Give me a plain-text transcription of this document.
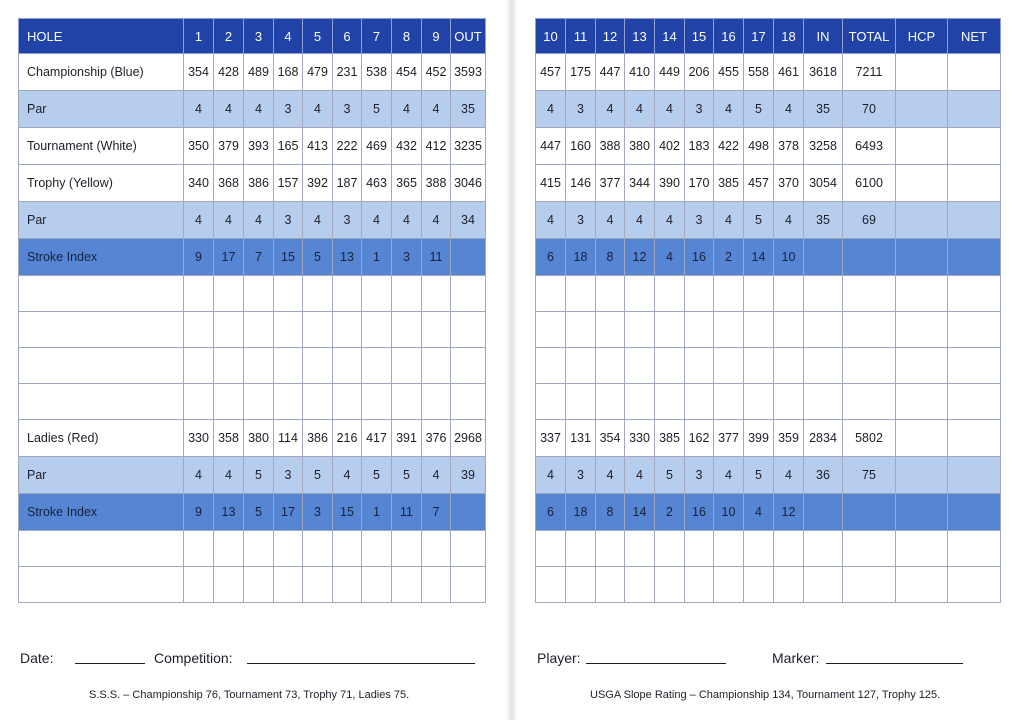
HOLE	1	2	3	4	5	6	7	8	9	OUT
Championship (Blue)	354	428	489	168	479	231	538	454	452	3593
Par	4	4	4	3	4	3	5	4	4	35
Tournament (White)	350	379	393	165	413	222	469	432	412	3235
Trophy (Yellow)	340	368	386	157	392	187	463	365	388	3046
Par	4	4	4	3	4	3	4	4	4	34
Stroke Index	9	17	7	15	5	13	1	3	11	

Ladies (Red)	330	358	380	114	386	216	417	391	376	2968
Par	4	4	5	3	5	4	5	5	4	39
Stroke Index	9	13	5	17	3	15	1	11	7	

10	11	12	13	14	15	16	17	18	IN	TOTAL	HCP	NET
457	175	447	410	449	206	455	558	461	3618	7211		
4	3	4	4	4	3	4	5	4	35	70		
447	160	388	380	402	183	422	498	378	3258	6493		
415	146	377	344	390	170	385	457	370	3054	6100		
4	3	4	4	4	3	4	5	4	35	69		
6	18	8	12	4	16	2	14	10				

337	131	354	330	385	162	377	399	359	2834	5802		
4	3	4	4	5	3	4	5	4	36	75		
6	18	8	14	2	16	10	4	12				

Date:	Competition:	Player:	Marker:
S.S.S. – Championship 76, Tournament 73, Trophy 71, Ladies 75.	USGA Slope Rating – Championship 134, Tournament 127, Trophy 125.
